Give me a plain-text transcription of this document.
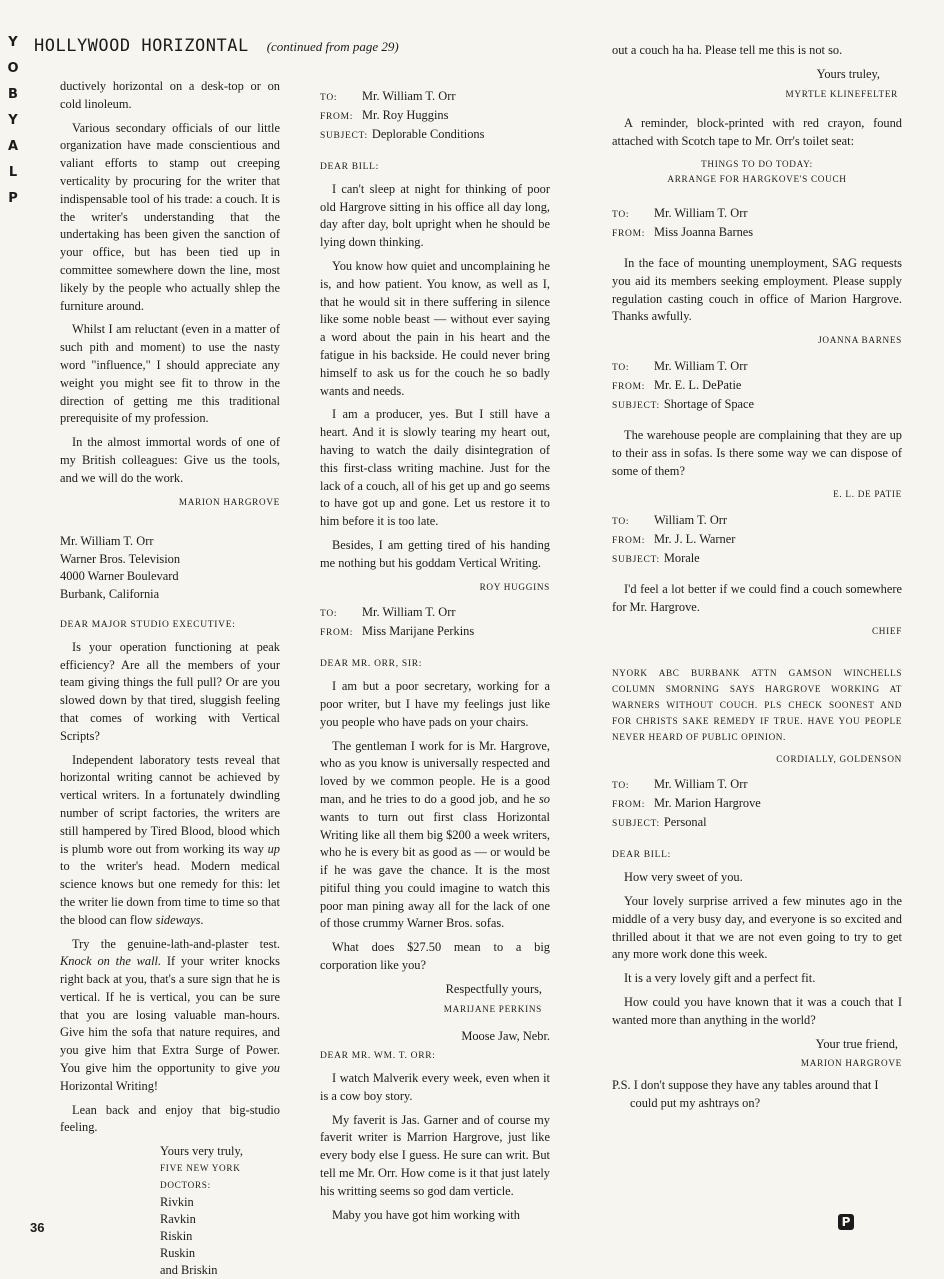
Y
O
B
Y
A
L
P
HOLLYWOOD HORIZONTAL (continued from page 29)

ductively horizontal on a desk-top or on cold linoleum.

Various secondary officials of our little organization have made conscientious and valiant efforts to stamp out creeping verticality by procuring for the writer that indispensable tool of his trade: a couch. It is the writer's understanding that the undertaking has been given the sanction of your office, but has been tied up in committee somewhere down the line, most likely by the people who actually shlep the furniture around.

Whilst I am reluctant (even in a matter of such pith and moment) to use the nasty word "influence," I should appreciate any weight you might see fit to throw in the direction of getting me this traditional prerequisite of my profession.

In the almost immortal words of one of my British colleagues: Give us the tools, and we will do the work.

MARION HARGROVE
Mr. William T. Orr
Warner Bros. Television
4000 Warner Boulevard
Burbank, California
DEAR MAJOR STUDIO EXECUTIVE:

Is your operation functioning at peak efficiency? Are all the members of your team giving things the full pull? Or are you slowed down by that tired, sluggish feeling that comes of working with Vertical Scripts?

Independent laboratory tests reveal that horizontal writing cannot be achieved by vertical writers. In a fortunately dwindling number of script factories, the writers are still hampered by Tired Blood, blood which is plumb wore out from working its way up to the writer's head. Modern medical science knows but one remedy for this: let the writer lie down from time to time so that the blood can flow sideways.

Try the genuine-lath-and-plaster test. Knock on the wall. If your writer knocks right back at you, that's a sure sign that he is vertical. If he is vertical, you can be sure that you are losing valuable man-hours. Give him the sofa that nature requires, and you give him that Extra Surge of Power. You give him the opportunity to give you Horizontal Writing!

Lean back and enjoy that big-studio feeling.

Yours very truly,
FIVE NEW YORK DOCTORS:
Rivkin
Ravkin
Riskin
Ruskin
and Briskin
TO:	Mr. William T. Orr
FROM: Mr. Roy Huggins
SUBJECT: Deplorable Conditions
DEAR BILL:

I can't sleep at night for thinking of poor old Hargrove sitting in his office all day long, day after day, bolt upright when he should be lying down thinking.

You know how quiet and uncomplaining he is, and how patient. You know, as well as I, that he would sit in there suffering in silence like some noble beast — without ever saying a word about the pain in his heart and the fatigue in his backside. He could never bring himself to ask us for the couch he so badly wants and needs.

I am a producer, yes. But I still have a heart. And it is slowly tearing my heart out, having to watch the daily disintegration of this first-class writing machine. Just for the lack of a couch, all of his get up and go seems to have got up and gone. Let us restore it to him before it is too late.

Besides, I am getting tired of his handing me nothing but his goddam Vertical Writing.

ROY HUGGINS
TO:	Mr. William T. Orr
FROM: Miss Marijane Perkins
DEAR MR. ORR, SIR:

I am but a poor secretary, working for a poor writer, but I have my feelings just like you people who have pads on your chairs.

The gentleman I work for is Mr. Hargrove, who as you know is universally respected and loved by we common people. He is a good man, and he tries to do a good job, and he so wants to turn out first class Horizontal Writing like all them big $200 a week writers, who he is every bit as good as — or would be if he was gave the chance. It is the most pitiful thing you could imagine to watch this poor man pining away all for the lack of one of those crummy Warner Bros. sofas.

What does $27.50 mean to a big corporation like you?

Respectfully yours,
MARIJANE PERKINS
Moose Jaw, Nebr.
DEAR MR. WM. T. ORR:

I watch Malverik every week, even when it is a cow boy story.

My faverit is Jas. Garner and of course my faverit writer is Marrion Hargrove, just like every body else I guess. He sure can writ. But tell me Mr. Orr. How come is it that just lately his writting seems so god dam verticle.

Maby you have got him working with

out a couch ha ha. Please tell me this is not so.

Yours truley,
MYRTLE KLINEFELTER

A reminder, block-printed with red crayon, found attached with Scotch tape to Mr. Orr's toilet seat:

THINGS TO DO TODAY:
ARRANGE FOR HARGKOVE'S COUCH
TO:	Mr. William T. Orr
FROM: Miss Joanna Barnes

In the face of mounting unemployment, SAG requests you aid its members seeking employment. Please supply regulation casting couch in office of Marion Hargrove. Thanks awfully.

JOANNA BARNES
TO:	Mr. William T. Orr
FROM: Mr. E. L. DePatie
SUBJECT: Shortage of Space

The warehouse people are complaining that they are up to their ass in sofas. Is there some way we can dispose of some of them?

E. L. DE PATIE
TO:	William T. Orr
FROM: Mr. J. L. Warner
SUBJECT: Morale

I'd feel a lot better if we could find a couch somewhere for Mr. Hargrove.

CHIEF
NYORK ABC BURBANK ATTN GAMSON WINCHELLS COLUMN SMORNING SAYS HARGROVE WORKING AT WARNERS WITHOUT COUCH. PLS CHECK SOONEST AND FOR CHRISTS SAKE REMEDY IF TRUE. HAVE YOU PEOPLE NEVER HEARD OF PUBLIC OPINION.
CORDIALLY, GOLDENSON
TO:	Mr. William T. Orr
FROM: Mr. Marion Hargrove
SUBJECT: Personal
DEAR BILL:

How very sweet of you.

Your lovely surprise arrived a few minutes ago in the middle of a very busy day, and everyone is so excited and thrilled about it that we are not even going to try to get any more work done this week.

It is a very lovely gift and a perfect fit.

How could you have known that it was a couch that I wanted more than anything in the world?

Your true friend,
MARION HARGROVE

P.S. I don't suppose they have any tables around that I could put my ashtrays on?

36	P
